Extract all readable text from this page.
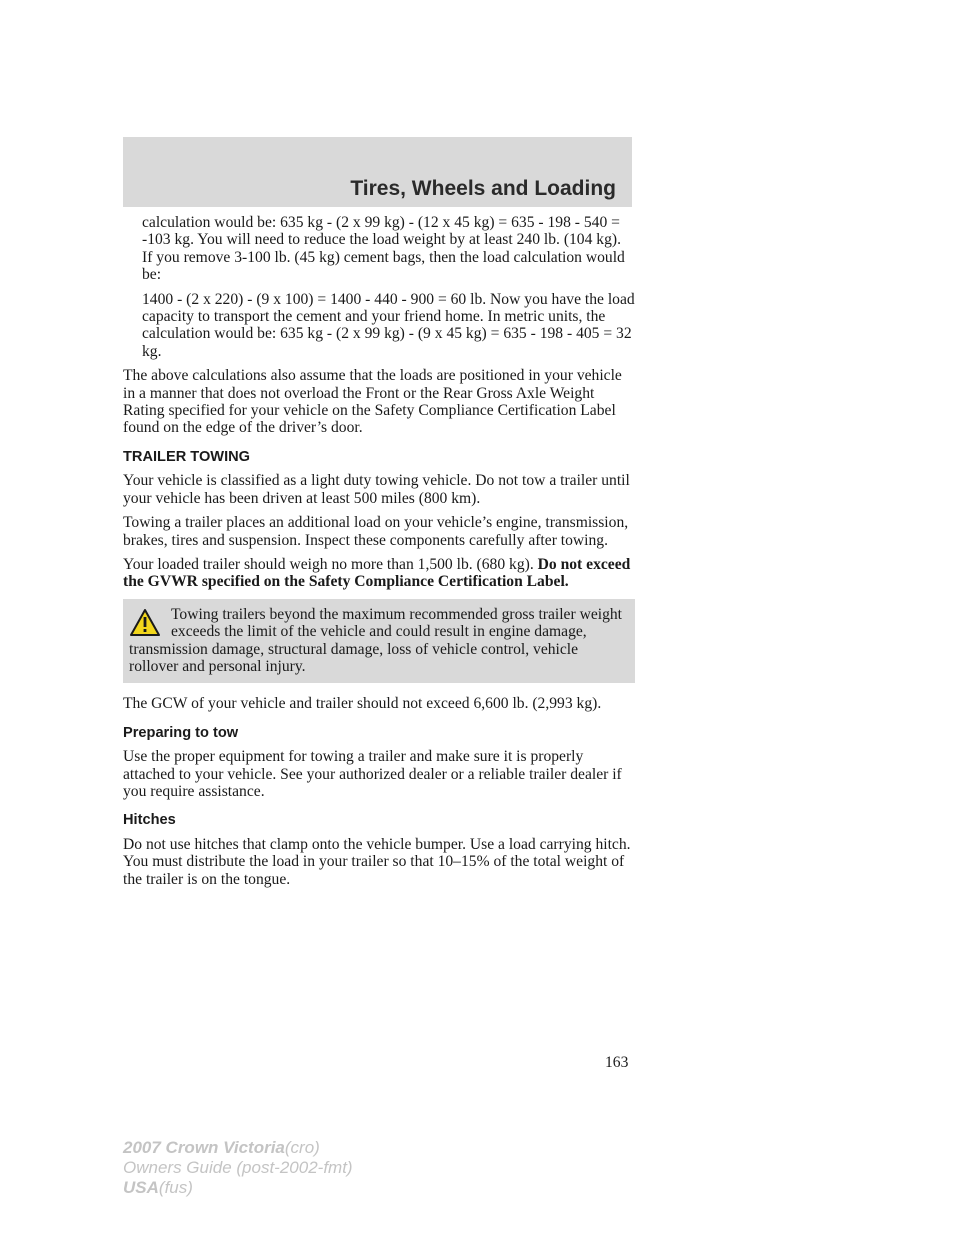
Tires, Wheels and Loading

calculation would be: 635 kg - (2 x 99 kg) - (12 x 45 kg) = 635 - 198 - 540 = -103 kg. You will need to reduce the load weight by at least 240 lb. (104 kg). If you remove 3-100 lb. (45 kg) cement bags, then the load calculation would be:

1400 - (2 x 220) - (9 x 100) = 1400 - 440 - 900 = 60 lb. Now you have the load capacity to transport the cement and your friend home. In metric units, the calculation would be: 635 kg - (2 x 99 kg) - (9 x 45 kg) = 635 - 198 - 405 = 32 kg.

The above calculations also assume that the loads are positioned in your vehicle in a manner that does not overload the Front or the Rear Gross Axle Weight Rating specified for your vehicle on the Safety Compliance Certification Label found on the edge of the driver’s door.

TRAILER TOWING

Your vehicle is classified as a light duty towing vehicle. Do not tow a trailer until your vehicle has been driven at least 500 miles (800 km).

Towing a trailer places an additional load on your vehicle’s engine, transmission, brakes, tires and suspension. Inspect these components carefully after towing.

Your loaded trailer should weigh no more than 1,500 lb. (680 kg). Do not exceed the GVWR specified on the Safety Compliance Certification Label.

Towing trailers beyond the maximum recommended gross trailer weight exceeds the limit of the vehicle and could result in engine damage, transmission damage, structural damage, loss of vehicle control, vehicle rollover and personal injury.

The GCW of your vehicle and trailer should not exceed 6,600 lb. (2,993 kg).

Preparing to tow

Use the proper equipment for towing a trailer and make sure it is properly attached to your vehicle. See your authorized dealer or a reliable trailer dealer if you require assistance.

Hitches

Do not use hitches that clamp onto the vehicle bumper. Use a load carrying hitch. You must distribute the load in your trailer so that 10–15% of the total weight of the trailer is on the tongue.

163
2007 Crown Victoria(cro)
Owners Guide (post-2002-fmt)
USA(fus)
